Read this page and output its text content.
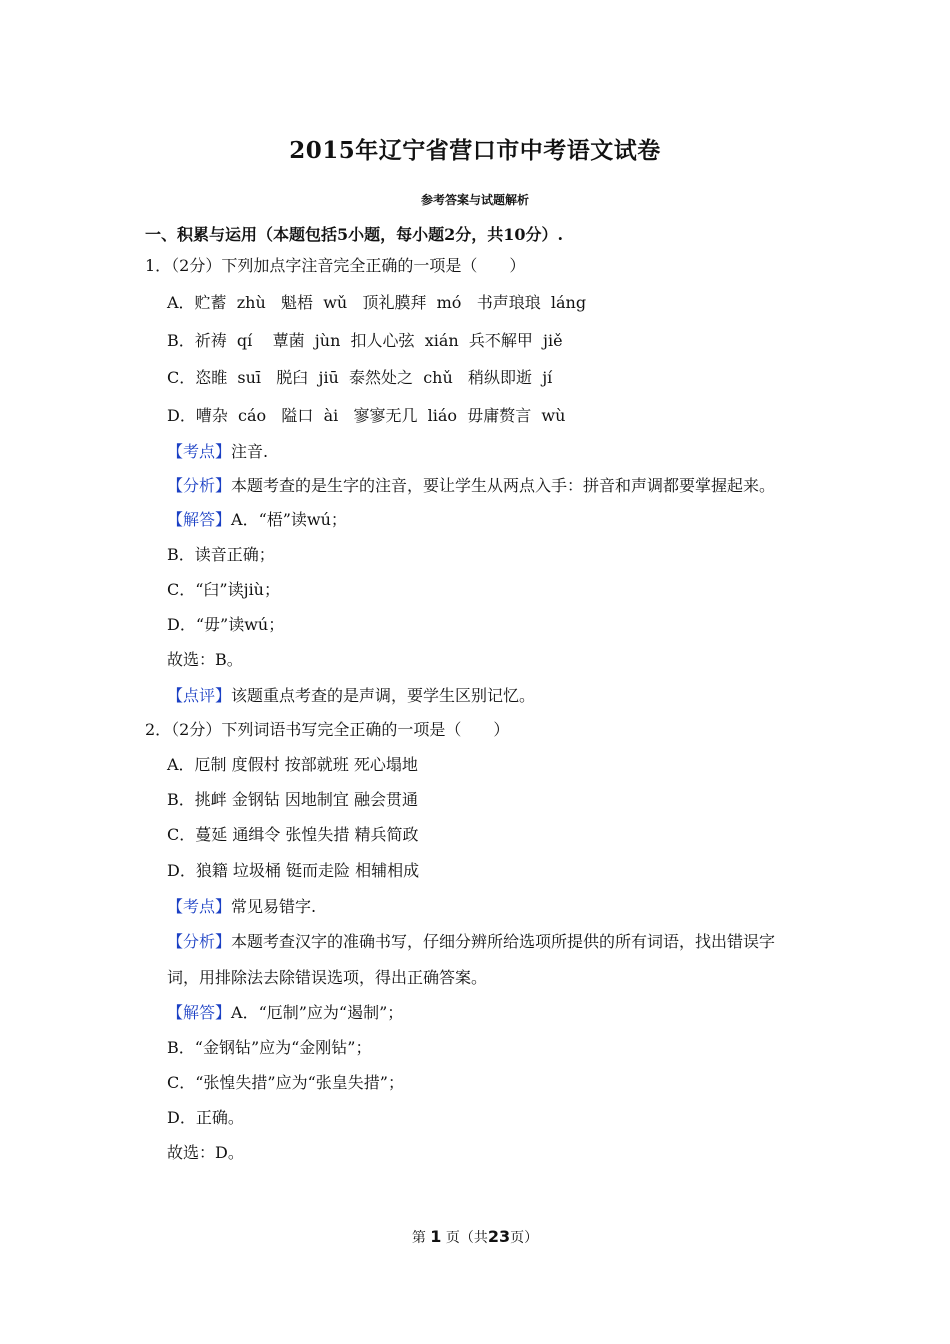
2015年辽宁省营口市中考语文试卷
参考答案与试题解析
一、积累与运用（本题包括5小题，每小题2分，共10分）.
1．（2分）下列加点字注音完全正确的一项是（　　）
A．贮蓄  zhù   魁梧  wǔ   顶礼膜拜  mó   书声琅琅  láng
B．祈祷  qí    蕈菌  jùn  扣人心弦  xián  兵不解甲  jiě
C．恣睢  suī   脱臼  jiū  泰然处之  chǔ   稍纵即逝  jí
D．嘈杂  cáo   隘口  ài   寥寥无几  liáo  毋庸赘言  wù
【考点】注音.
【分析】本题考查的是生字的注音，要让学生从两点入手：拼音和声调都要掌握起来。
【解答】A．“梧”读wú；
B．读音正确；
C．“臼”读jiù；
D．“毋”读wú；
故选：B。
【点评】该题重点考查的是声调，要学生区别记忆。
2．（2分）下列词语书写完全正确的一项是（　　）
A．厄制 度假村 按部就班 死心塌地
B．挑衅 金钢钻 因地制宜 融会贯通
C．蔓延 通缉令 张惶失措 精兵简政
D．狼籍 垃圾桶 铤而走险 相辅相成
【考点】常见易错字.
【分析】本题考查汉字的准确书写，仔细分辨所给选项所提供的所有词语，找出错误字
词，用排除法去除错误选项，得出正确答案。
【解答】A．“厄制”应为“遏制”；
B．“金钢钻”应为“金刚钻”；
C．“张惶失措”应为“张皇失措”；
D．正确。
故选：D。
第 1 页（共23页）
